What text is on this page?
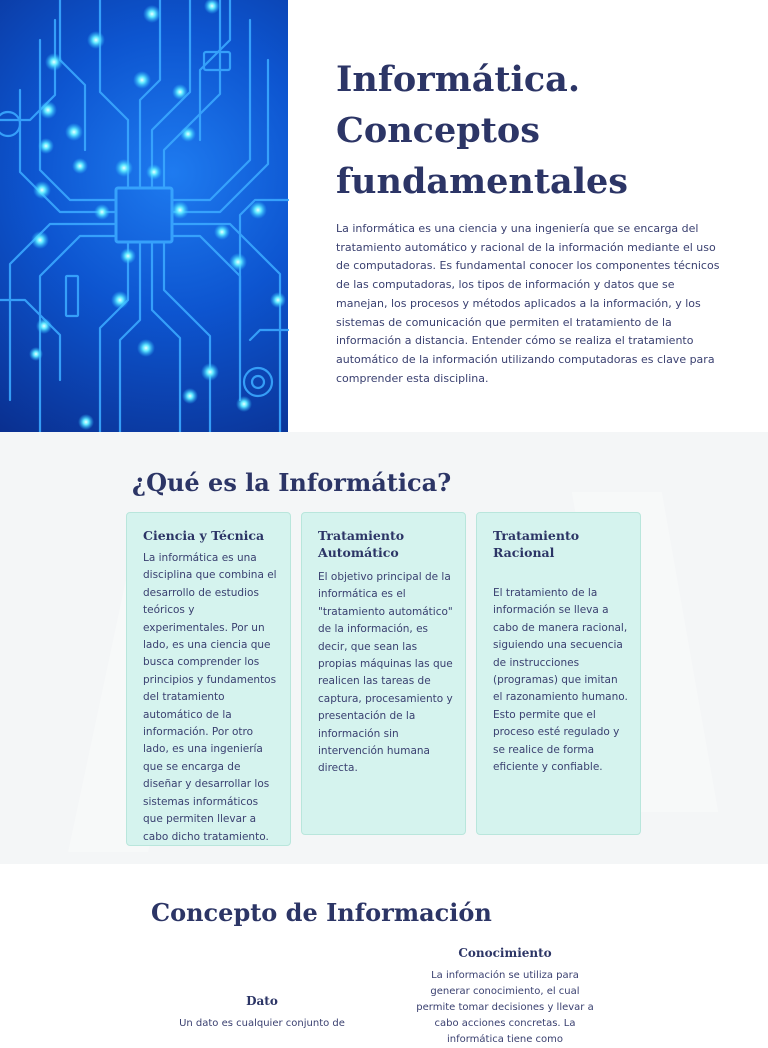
Informática. Conceptos fundamentales

La informática es una ciencia y una ingeniería que se encarga del tratamiento automático y racional de la información mediante el uso de computadoras. Es fundamental conocer los componentes técnicos de las computadoras, los tipos de información y datos que se manejan, los procesos y métodos aplicados a la información, y los sistemas de comunicación que permiten el tratamiento de la información a distancia. Entender cómo se realiza el tratamiento automático de la información utilizando computadoras es clave para comprender esta disciplina.

¿Qué es la Informática?
Ciencia y Técnica

La informática es una disciplina que combina el desarrollo de estudios teóricos y experimentales. Por un lado, es una ciencia que busca comprender los principios y fundamentos del tratamiento automático de la información. Por otro lado, es una ingeniería que se encarga de diseñar y desarrollar los sistemas informáticos que permiten llevar a cabo dicho tratamiento.

Tratamiento Automático

El objetivo principal de la informática es el "tratamiento automático" de la información, es decir, que sean las propias máquinas las que realicen las tareas de captura, procesamiento y presentación de la información sin intervención humana directa.

Tratamiento Racional

El tratamiento de la información se lleva a cabo de manera racional, siguiendo una secuencia de instrucciones (programas) que imitan el razonamiento humano. Esto permite que el proceso esté regulado y se realice de forma eficiente y confiable.

Concepto de Información
Conocimiento

La información se utiliza para generar conocimiento, el cual permite tomar decisiones y llevar a cabo acciones concretas. La informática tiene como

Dato

Un dato es cualquier conjunto de
